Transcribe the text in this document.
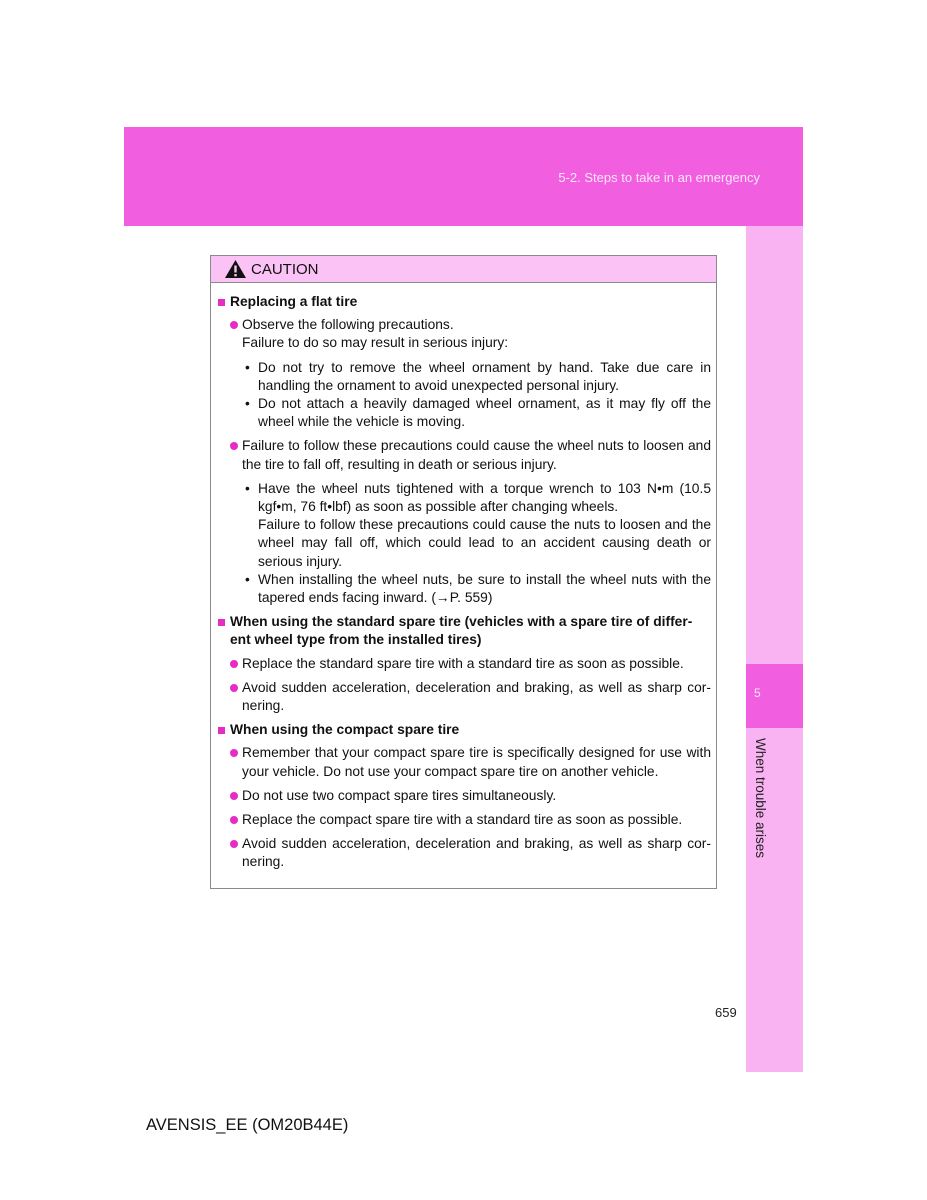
5-2. Steps to take in an emergency
5
When trouble arises
CAUTION
Replacing a flat tire
Observe the following precautions.
Failure to do so may result in serious injury:
• Do not try to remove the wheel ornament by hand. Take due care in handling the ornament to avoid unexpected personal injury.
• Do not attach a heavily damaged wheel ornament, as it may fly off the wheel while the vehicle is moving.
Failure to follow these precautions could cause the wheel nuts to loosen and the tire to fall off, resulting in death or serious injury.
• Have the wheel nuts tightened with a torque wrench to 103 N•m (10.5 kgf•m, 76 ft•lbf) as soon as possible after changing wheels.
Failure to follow these precautions could cause the nuts to loosen and the wheel may fall off, which could lead to an accident causing death or serious injury.
• When installing the wheel nuts, be sure to install the wheel nuts with the tapered ends facing inward. (→P. 559)
When using the standard spare tire (vehicles with a spare tire of differ-ent wheel type from the installed tires)
Replace the standard spare tire with a standard tire as soon as possible.
Avoid sudden acceleration, deceleration and braking, as well as sharp cor-nering.
When using the compact spare tire
Remember that your compact spare tire is specifically designed for use with your vehicle. Do not use your compact spare tire on another vehicle.
Do not use two compact spare tires simultaneously.
Replace the compact spare tire with a standard tire as soon as possible.
Avoid sudden acceleration, deceleration and braking, as well as sharp cor-nering.
659
AVENSIS_EE (OM20B44E)
